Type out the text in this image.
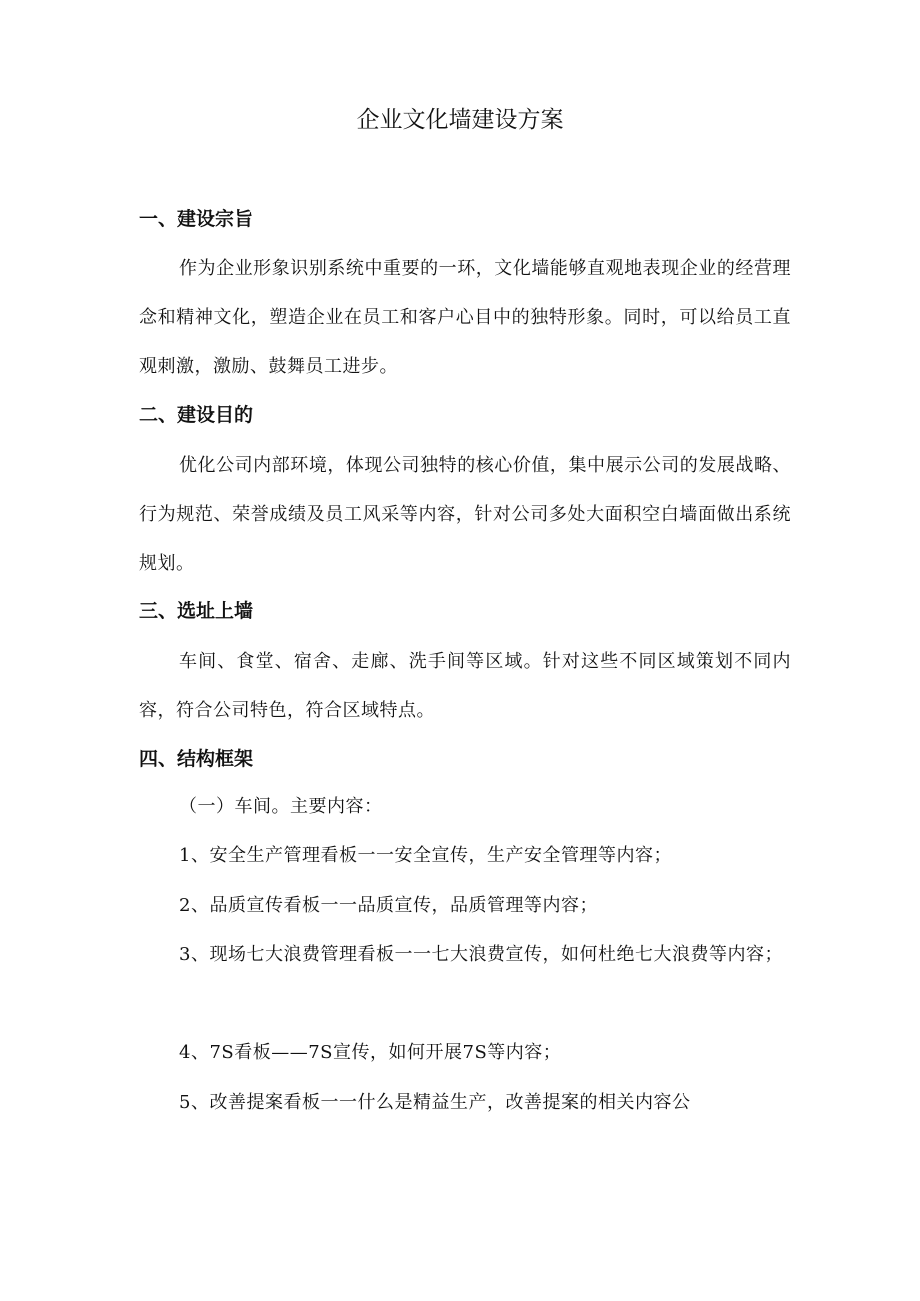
企业文化墙建设方案
一、建设宗旨

作为企业形象识别系统中重要的一环，文化墙能够直观地表现企业的经营理念和精神文化，塑造企业在员工和客户心目中的独特形象。同时，可以给员工直观刺激，激励、鼓舞员工进步。

二、建设目的

优化公司内部环境，体现公司独特的核心价值，集中展示公司的发展战略、行为规范、荣誉成绩及员工风采等内容，针对公司多处大面积空白墙面做出系统规划。

三、选址上墙

车间、食堂、宿舍、走廊、洗手间等区域。针对这些不同区域策划不同内容，符合公司特色，符合区域特点。

四、结构框架

（一）车间。主要内容：

1、安全生产管理看板一一安全宣传，生产安全管理等内容；

2、品质宣传看板一一品质宣传，品质管理等内容；

3、现场七大浪费管理看板一一七大浪费宣传，如何杜绝七大浪费等内容；

4、7S看板——7S宣传，如何开展7S等内容；

5、改善提案看板一一什么是精益生产，改善提案的相关内容公
